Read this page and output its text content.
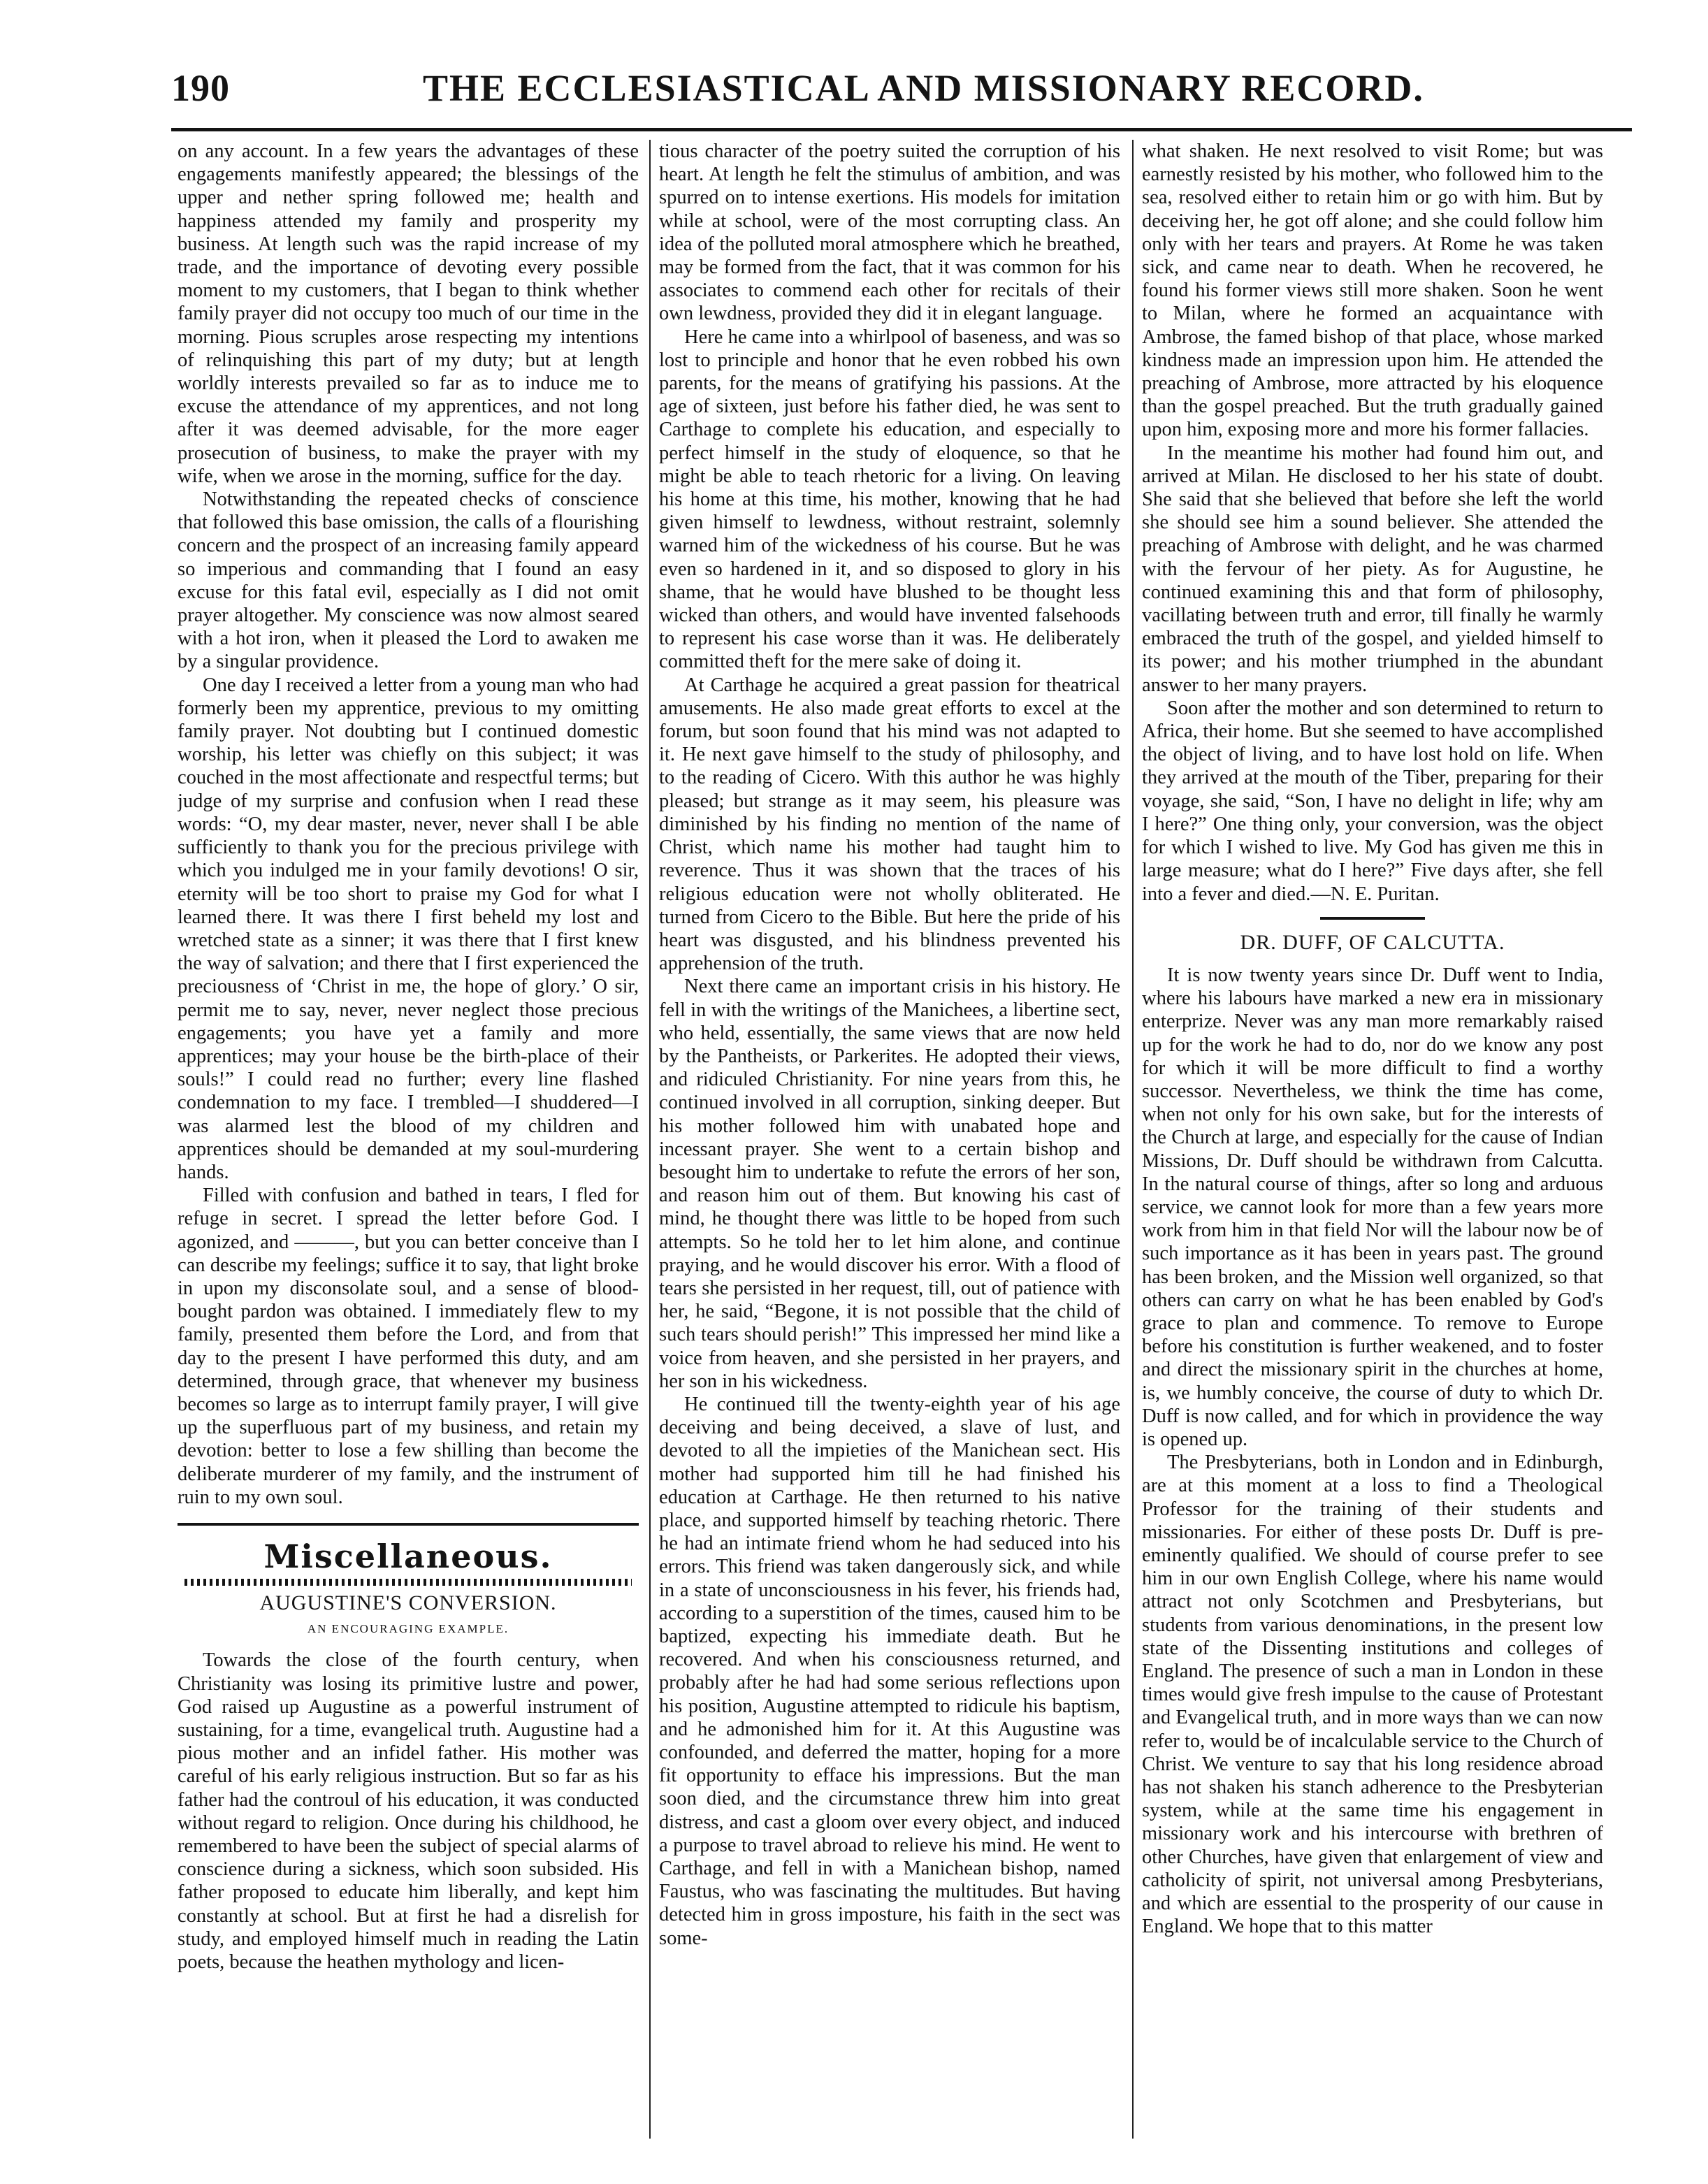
190	THE ECCLESIASTICAL AND MISSIONARY RECORD.

on any account. In a few years the advantages of these engagements manifestly appeared; the blessings of the upper and nether spring followed me; health and happiness attended my family and prosperity my business. At length such was the rapid increase of my trade, and the importance of devoting every possible moment to my customers, that I began to think whether family prayer did not occupy too much of our time in the morning. Pious scruples arose respecting my intentions of relinquishing this part of my duty; but at length worldly interests prevailed so far as to induce me to excuse the attendance of my apprentices, and not long after it was deemed advisable, for the more eager prosecution of business, to make the prayer with my wife, when we arose in the morning, suffice for the day.

Notwithstanding the repeated checks of conscience that followed this base omission, the calls of a flourishing concern and the prospect of an increasing family appeard so imperious and commanding that I found an easy excuse for this fatal evil, especially as I did not omit prayer altogether. My conscience was now almost seared with a hot iron, when it pleased the Lord to awaken me by a singular providence.

One day I received a letter from a young man who had formerly been my apprentice, previous to my omitting family prayer. Not doubting but I continued domestic worship, his letter was chiefly on this subject; it was couched in the most affectionate and respectful terms; but judge of my surprise and confusion when I read these words: “O, my dear master, never, never shall I be able sufficiently to thank you for the precious privilege with which you indulged me in your family devotions! O sir, eternity will be too short to praise my God for what I learned there. It was there I first beheld my lost and wretched state as a sinner; it was there that I first knew the way of salvation; and there that I first experienced the preciousness of ‘Christ in me, the hope of glory.’ O sir, permit me to say, never, never neglect those precious engagements; you have yet a family and more apprentices; may your house be the birth-place of their souls!” I could read no further; every line flashed condemnation to my face. I trembled—I shuddered—I was alarmed lest the blood of my children and apprentices should be demanded at my soul-murdering hands.

Filled with confusion and bathed in tears, I fled for refuge in secret. I spread the letter before God. I agonized, and ———, but you can better conceive than I can describe my feelings; suffice it to say, that light broke in upon my disconsolate soul, and a sense of blood-bought pardon was obtained. I immediately flew to my family, presented them before the Lord, and from that day to the present I have performed this duty, and am determined, through grace, that whenever my business becomes so large as to interrupt family prayer, I will give up the superfluous part of my business, and retain my devotion: better to lose a few shilling than become the deliberate murderer of my family, and the instrument of ruin to my own soul.

Miscellaneous.
AUGUSTINE'S CONVERSION.
AN ENCOURAGING EXAMPLE.

Towards the close of the fourth century, when Christianity was losing its primitive lustre and power, God raised up Augustine as a powerful instrument of sustaining, for a time, evangelical truth. Augustine had a pious mother and an infidel father. His mother was careful of his early religious instruction. But so far as his father had the controul of his education, it was conducted without regard to religion. Once during his childhood, he remembered to have been the subject of special alarms of conscience during a sickness, which soon subsided. His father proposed to educate him liberally, and kept him constantly at school. But at first he had a disrelish for study, and employed himself much in reading the Latin poets, because the heathen mythology and licen-

tious character of the poetry suited the corruption of his heart. At length he felt the stimulus of ambition, and was spurred on to intense exertions. His models for imitation while at school, were of the most corrupting class. An idea of the polluted moral atmosphere which he breathed, may be formed from the fact, that it was common for his associates to commend each other for recitals of their own lewdness, provided they did it in elegant language.

Here he came into a whirlpool of baseness, and was so lost to principle and honor that he even robbed his own parents, for the means of gratifying his passions. At the age of sixteen, just before his father died, he was sent to Carthage to complete his education, and especially to perfect himself in the study of eloquence, so that he might be able to teach rhetoric for a living. On leaving his home at this time, his mother, knowing that he had given himself to lewdness, without restraint, solemnly warned him of the wickedness of his course. But he was even so hardened in it, and so disposed to glory in his shame, that he would have blushed to be thought less wicked than others, and would have invented falsehoods to represent his case worse than it was. He deliberately committed theft for the mere sake of doing it.

At Carthage he acquired a great passion for theatrical amusements. He also made great efforts to excel at the forum, but soon found that his mind was not adapted to it. He next gave himself to the study of philosophy, and to the reading of Cicero. With this author he was highly pleased; but strange as it may seem, his pleasure was diminished by his finding no mention of the name of Christ, which name his mother had taught him to reverence. Thus it was shown that the traces of his religious education were not wholly obliterated. He turned from Cicero to the Bible. But here the pride of his heart was disgusted, and his blindness prevented his apprehension of the truth.

Next there came an important crisis in his history. He fell in with the writings of the Manichees, a libertine sect, who held, essentially, the same views that are now held by the Pantheists, or Parkerites. He adopted their views, and ridiculed Christianity. For nine years from this, he continued involved in all corruption, sinking deeper. But his mother followed him with unabated hope and incessant prayer. She went to a certain bishop and besought him to undertake to refute the errors of her son, and reason him out of them. But knowing his cast of mind, he thought there was little to be hoped from such attempts. So he told her to let him alone, and continue praying, and he would discover his error. With a flood of tears she persisted in her request, till, out of patience with her, he said, “Begone, it is not possible that the child of such tears should perish!” This impressed her mind like a voice from heaven, and she persisted in her prayers, and her son in his wickedness.

He continued till the twenty-eighth year of his age deceiving and being deceived, a slave of lust, and devoted to all the impieties of the Manichean sect. His mother had supported him till he had finished his education at Carthage. He then returned to his native place, and supported himself by teaching rhetoric. There he had an intimate friend whom he had seduced into his errors. This friend was taken dangerously sick, and while in a state of unconsciousness in his fever, his friends had, according to a superstition of the times, caused him to be baptized, expecting his immediate death. But he recovered. And when his consciousness returned, and probably after he had had some serious reflections upon his position, Augustine attempted to ridicule his baptism, and he admonished him for it. At this Augustine was confounded, and deferred the matter, hoping for a more fit opportunity to efface his impressions. But the man soon died, and the circumstance threw him into great distress, and cast a gloom over every object, and induced a purpose to travel abroad to relieve his mind. He went to Carthage, and fell in with a Manichean bishop, named Faustus, who was fascinating the multitudes. But having detected him in gross imposture, his faith in the sect was some-

what shaken. He next resolved to visit Rome; but was earnestly resisted by his mother, who followed him to the sea, resolved either to retain him or go with him. But by deceiving her, he got off alone; and she could follow him only with her tears and prayers. At Rome he was taken sick, and came near to death. When he recovered, he found his former views still more shaken. Soon he went to Milan, where he formed an acquaintance with Ambrose, the famed bishop of that place, whose marked kindness made an impression upon him. He attended the preaching of Ambrose, more attracted by his eloquence than the gospel preached. But the truth gradually gained upon him, exposing more and more his former fallacies.

In the meantime his mother had found him out, and arrived at Milan. He disclosed to her his state of doubt. She said that she believed that before she left the world she should see him a sound believer. She attended the preaching of Ambrose with delight, and he was charmed with the fervour of her piety. As for Augustine, he continued examining this and that form of philosophy, vacillating between truth and error, till finally he warmly embraced the truth of the gospel, and yielded himself to its power; and his mother triumphed in the abundant answer to her many prayers.

Soon after the mother and son determined to return to Africa, their home. But she seemed to have accomplished the object of living, and to have lost hold on life. When they arrived at the mouth of the Tiber, preparing for their voyage, she said, “Son, I have no delight in life; why am I here?” One thing only, your conversion, was the object for which I wished to live. My God has given me this in large measure; what do I here?” Five days after, she fell into a fever and died.—N. E. Puritan.

DR. DUFF, OF CALCUTTA.

It is now twenty years since Dr. Duff went to India, where his labours have marked a new era in missionary enterprize. Never was any man more remarkably raised up for the work he had to do, nor do we know any post for which it will be more difficult to find a worthy successor. Nevertheless, we think the time has come, when not only for his own sake, but for the interests of the Church at large, and especially for the cause of Indian Missions, Dr. Duff should be withdrawn from Calcutta. In the natural course of things, after so long and arduous service, we cannot look for more than a few years more work from him in that field Nor will the labour now be of such importance as it has been in years past. The ground has been broken, and the Mission well organized, so that others can carry on what he has been enabled by God's grace to plan and commence. To remove to Europe before his constitution is further weakened, and to foster and direct the missionary spirit in the churches at home, is, we humbly conceive, the course of duty to which Dr. Duff is now called, and for which in providence the way is opened up.

The Presbyterians, both in London and in Edinburgh, are at this moment at a loss to find a Theological Professor for the training of their students and missionaries. For either of these posts Dr. Duff is pre-eminently qualified. We should of course prefer to see him in our own English College, where his name would attract not only Scotchmen and Presbyterians, but students from various denominations, in the present low state of the Dissenting institutions and colleges of England. The presence of such a man in London in these times would give fresh impulse to the cause of Protestant and Evangelical truth, and in more ways than we can now refer to, would be of incalculable service to the Church of Christ. We venture to say that his long residence abroad has not shaken his stanch adherence to the Presbyterian system, while at the same time his engagement in missionary work and his intercourse with brethren of other Churches, have given that enlargement of view and catholicity of spirit, not universal among Presbyterians, and which are essential to the prosperity of our cause in England. We hope that to this matter
